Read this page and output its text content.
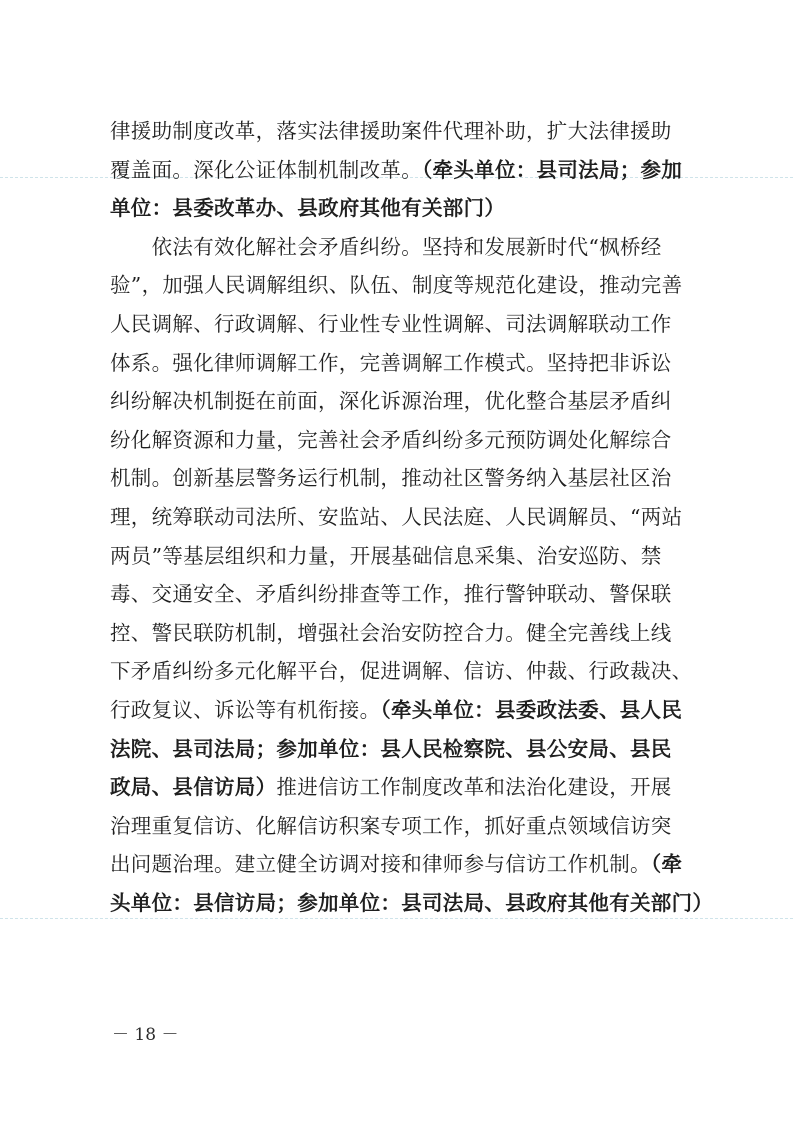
律援助制度改革，落实法律援助案件代理补助，扩大法律援助
覆盖面。深化公证体制机制改革。（牵头单位：县司法局；参加
单位：县委改革办、县政府其他有关部门）
　　依法有效化解社会矛盾纠纷。坚持和发展新时代“枫桥经
验”，加强人民调解组织、队伍、制度等规范化建设，推动完善
人民调解、行政调解、行业性专业性调解、司法调解联动工作
体系。强化律师调解工作，完善调解工作模式。坚持把非诉讼
纠纷解决机制挺在前面，深化诉源治理，优化整合基层矛盾纠
纷化解资源和力量，完善社会矛盾纠纷多元预防调处化解综合
机制。创新基层警务运行机制，推动社区警务纳入基层社区治
理，统筹联动司法所、安监站、人民法庭、人民调解员、“两站
两员”等基层组织和力量，开展基础信息采集、治安巡防、禁
毒、交通安全、矛盾纠纷排查等工作，推行警钟联动、警保联
控、警民联防机制，增强社会治安防控合力。健全完善线上线
下矛盾纠纷多元化解平台，促进调解、信访、仲裁、行政裁决、
行政复议、诉讼等有机衔接。（牵头单位：县委政法委、县人民
法院、县司法局；参加单位：县人民检察院、县公安局、县民
政局、县信访局）推进信访工作制度改革和法治化建设，开展
治理重复信访、化解信访积案专项工作，抓好重点领域信访突
出问题治理。建立健全访调对接和律师参与信访工作机制。（牵
头单位：县信访局；参加单位：县司法局、县政府其他有关部门）
－ 18 －
